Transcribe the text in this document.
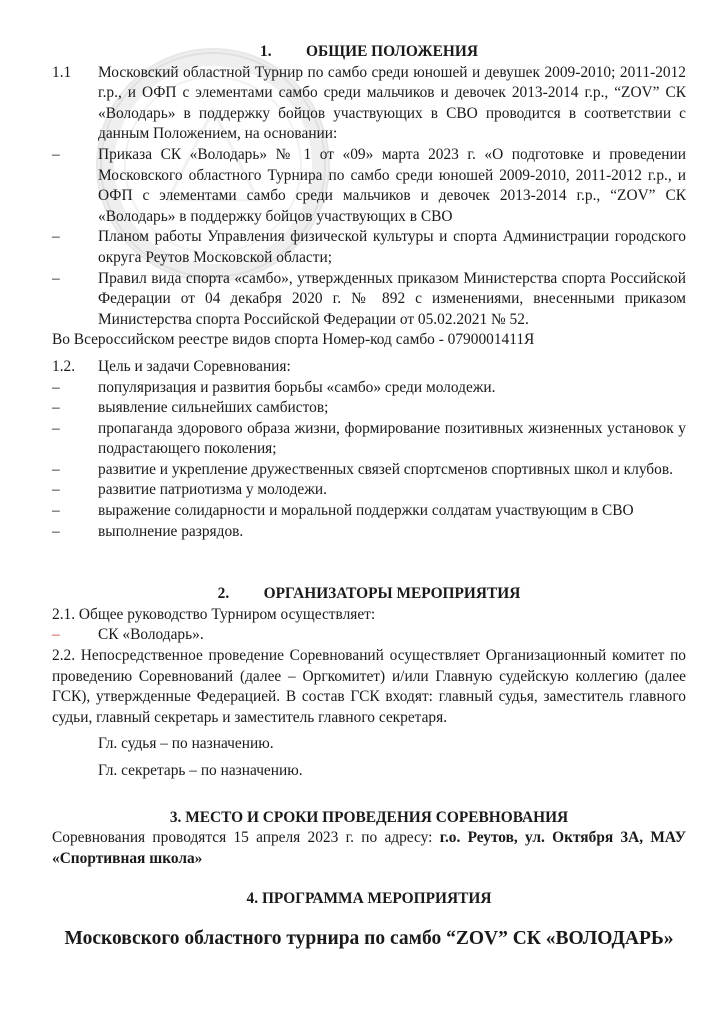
1. ОБЩИЕ ПОЛОЖЕНИЯ

1.1 Московский областной Турнир по самбо среди юношей и девушек 2009-2010; 2011-2012 г.р., и ОФП с элементами самбо среди мальчиков и девочек 2013-2014 г.р., “ZOV” СК «Володарь» в поддержку бойцов участвующих в СВО проводится в соответствии с данным Положением, на основании:

– Приказа СК «Володарь» № 1 от «09» марта 2023 г. «О подготовке и проведении Московского областного Турнира по самбо среди юношей 2009-2010, 2011-2012 г.р., и ОФП с элементами самбо среди мальчиков и девочек 2013-2014 г.р., “ZOV” СК «Володарь» в поддержку бойцов участвующих в СВО

– Планом работы Управления физической культуры и спорта Администрации городского округа Реутов Московской области;

– Правил вида спорта «самбо», утвержденных приказом Министерства спорта Российской Федерации от 04 декабря 2020 г. № 892 с изменениями, внесенными приказом Министерства спорта Российской Федерации от 05.02.2021 № 52.

Во Всероссийском реестре видов спорта Номер-код самбо - 0790001411Я

1.2. Цель и задачи Соревнования:

– популяризация и развития борьбы «самбо» среди молодежи.

– выявление сильнейших самбистов;

– пропаганда здорового образа жизни, формирование позитивных жизненных установок у подрастающего поколения;

– развитие и укрепление дружественных связей спортсменов спортивных школ и клубов.

– развитие патриотизма у молодежи.

– выражение солидарности и моральной поддержки солдатам участвующим в СВО

– выполнение разрядов.

2. ОРГАНИЗАТОРЫ МЕРОПРИЯТИЯ

2.1. Общее руководство Турниром осуществляет:

– СК «Володарь».

2.2. Непосредственное проведение Соревнований осуществляет Организационный комитет по проведению Соревнований (далее – Оргкомитет) и/или Главную судейскую коллегию (далее ГСК), утвержденные Федерацией. В состав ГСК входят: главный судья, заместитель главного судьи, главный секретарь и заместитель главного секретаря.

Гл. судья – по назначению.

Гл. секретарь – по назначению.

3. МЕСТО И СРОКИ ПРОВЕДЕНИЯ СОРЕВНОВАНИЯ

Соревнования проводятся 15 апреля 2023 г. по адресу: г.о. Реутов, ул. Октября 3А, МАУ «Спортивная школа»

4. ПРОГРАММА МЕРОПРИЯТИЯ

Московского областного турнира по самбо “ZOV” СК «ВОЛОДАРЬ»
